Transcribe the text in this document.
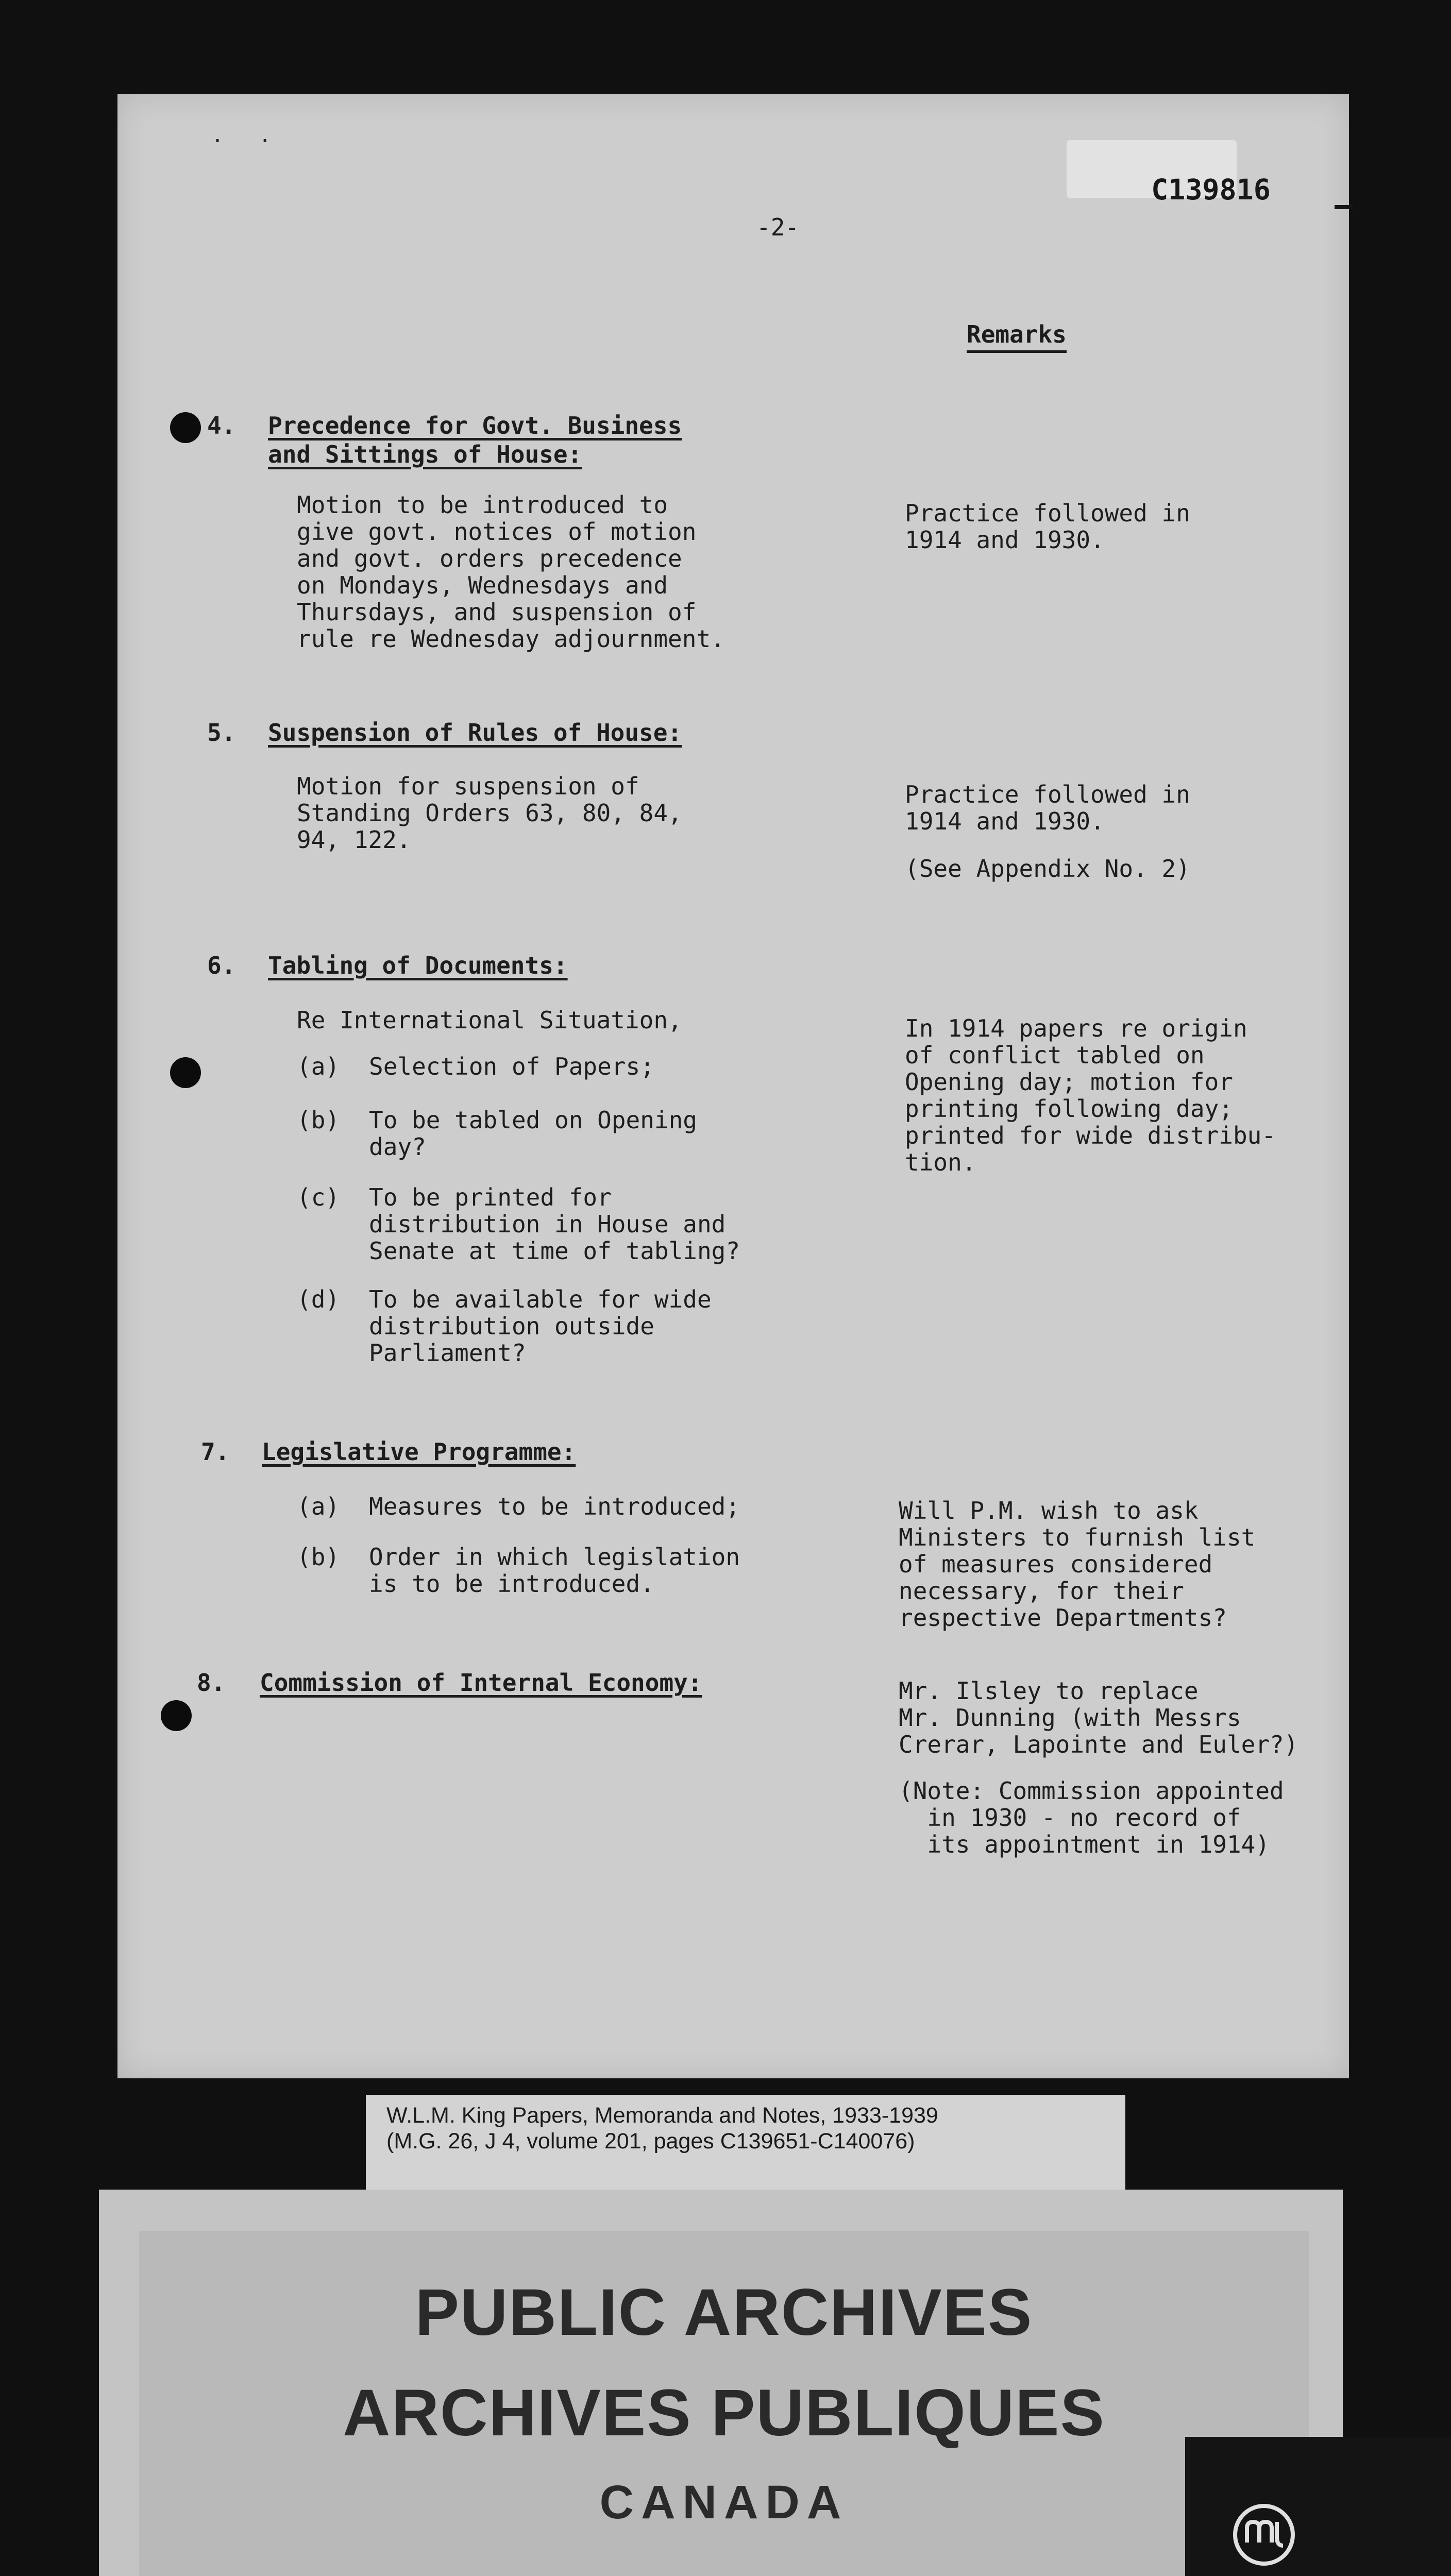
. .
C139816
-2-
Remarks
4. Precedence for Govt. Business
and Sittings of House:
Motion to be introduced to
give govt. notices of motion
and govt. orders precedence
on Mondays, Wednesdays and
Thursdays, and suspension of
rule re Wednesday adjournment.
Practice followed in
1914 and 1930.
5. Suspension of Rules of House:
Motion for suspension of
Standing Orders 63, 80, 84,
94, 122.
Practice followed in
1914 and 1930.
(See Appendix No. 2)
6. Tabling of Documents:
Re International Situation,
(a) Selection of Papers;
(b) To be tabled on Opening
day?
(c) To be printed for
distribution in House and
Senate at time of tabling?
(d) To be available for wide
distribution outside
Parliament?
In 1914 papers re origin
of conflict tabled on
Opening day; motion for
printing following day;
printed for wide distribu-
tion.
7. Legislative Programme:
(a) Measures to be introduced;
(b) Order in which legislation
is to be introduced.
Will P.M. wish to ask
Ministers to furnish list
of measures considered
necessary, for their
respective Departments?
8. Commission of Internal Economy:	Mr. Ilsley to replace
Mr. Dunning (with Messrs
Crerar, Lapointe and Euler?)
(Note: Commission appointed
in 1930 - no record of
its appointment in 1914)
W.L.M. King Papers, Memoranda and Notes, 1933-1939
(M.G. 26, J 4, volume 201, pages C139651-C140076)
PUBLIC ARCHIVES
ARCHIVES PUBLIQUES
CANADA
